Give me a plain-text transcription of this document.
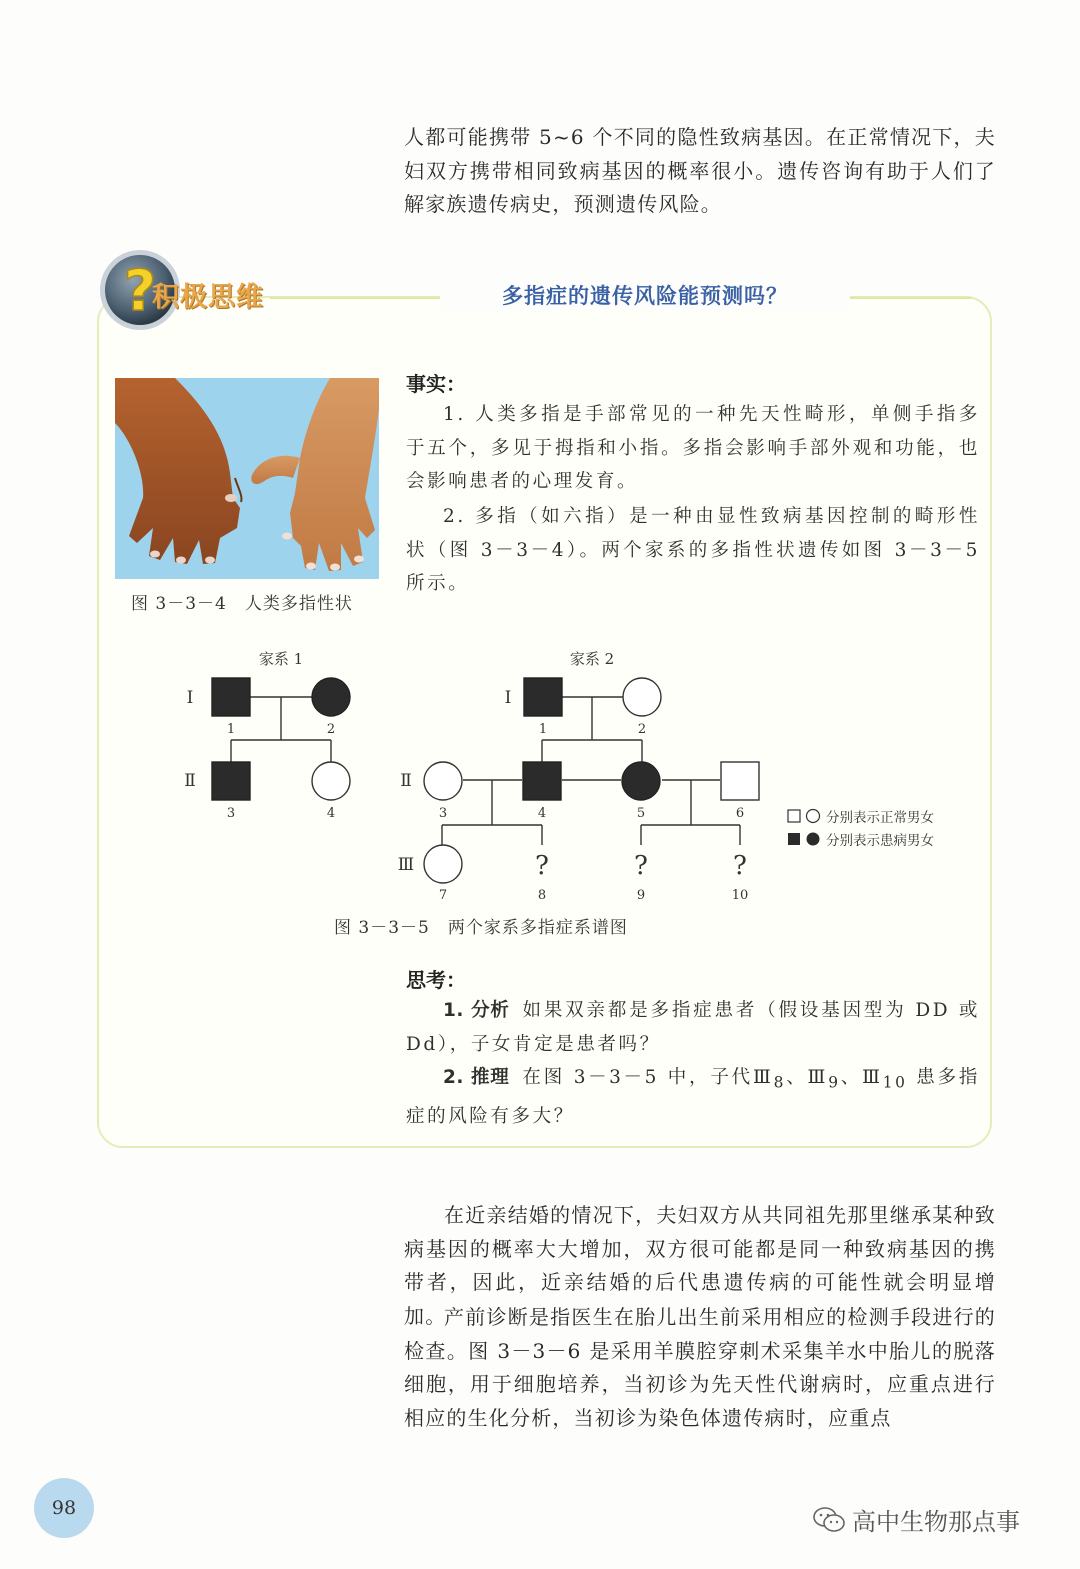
人都可能携带 5~6 个不同的隐性致病基因。在正常情况下，夫妇双方携带相同致病基因的概率很小。遗传咨询有助于人们了解家族遗传病史，预测遗传风险。

?
积极思维	多指症的遗传风险能预测吗？
图 3－3－4　人类多指性状
事实：

1. 人类多指是手部常见的一种先天性畸形，单侧手指多于五个，多见于拇指和小指。多指会影响手部外观和功能，也会影响患者的心理发育。

2. 多指（如六指）是一种由显性致病基因控制的畸形性状（图 3－3－4）。两个家系的多指性状遗传如图 3－3－5 所示。

家系 1	家系 2
Ⅰ
Ⅱ
Ⅰ
Ⅱ
Ⅲ
1	2
3	4
1	2
3	4	5	6
7	8	9	10
?	?	?
分别表示正常男女
分别表示患病男女
图 3－3－5　两个家系多指症系谱图
思考：

1. 分析 如果双亲都是多指症患者（假设基因型为 DD 或 Dd），子女肯定是患者吗？

2. 推理 在图 3－3－5 中，子代$Ⅲ_8$、$Ⅲ_9$、$Ⅲ_{10}$ 患多指症的风险有多大？

在近亲结婚的情况下，夫妇双方从共同祖先那里继承某种致病基因的概率大大增加，双方很可能都是同一种致病基因的携带者，因此，近亲结婚的后代患遗传病的可能性就会明显增加。

产前诊断是指医生在胎儿出生前采用相应的检测手段进行的检查。图 3－3－6 是采用羊膜腔穿刺术采集羊水中胎儿的脱落细胞，用于细胞培养，当初诊为先天性代谢病时，应重点进行相应的生化分析，当初诊为染色体遗传病时，应重点

98	高中生物那点事
